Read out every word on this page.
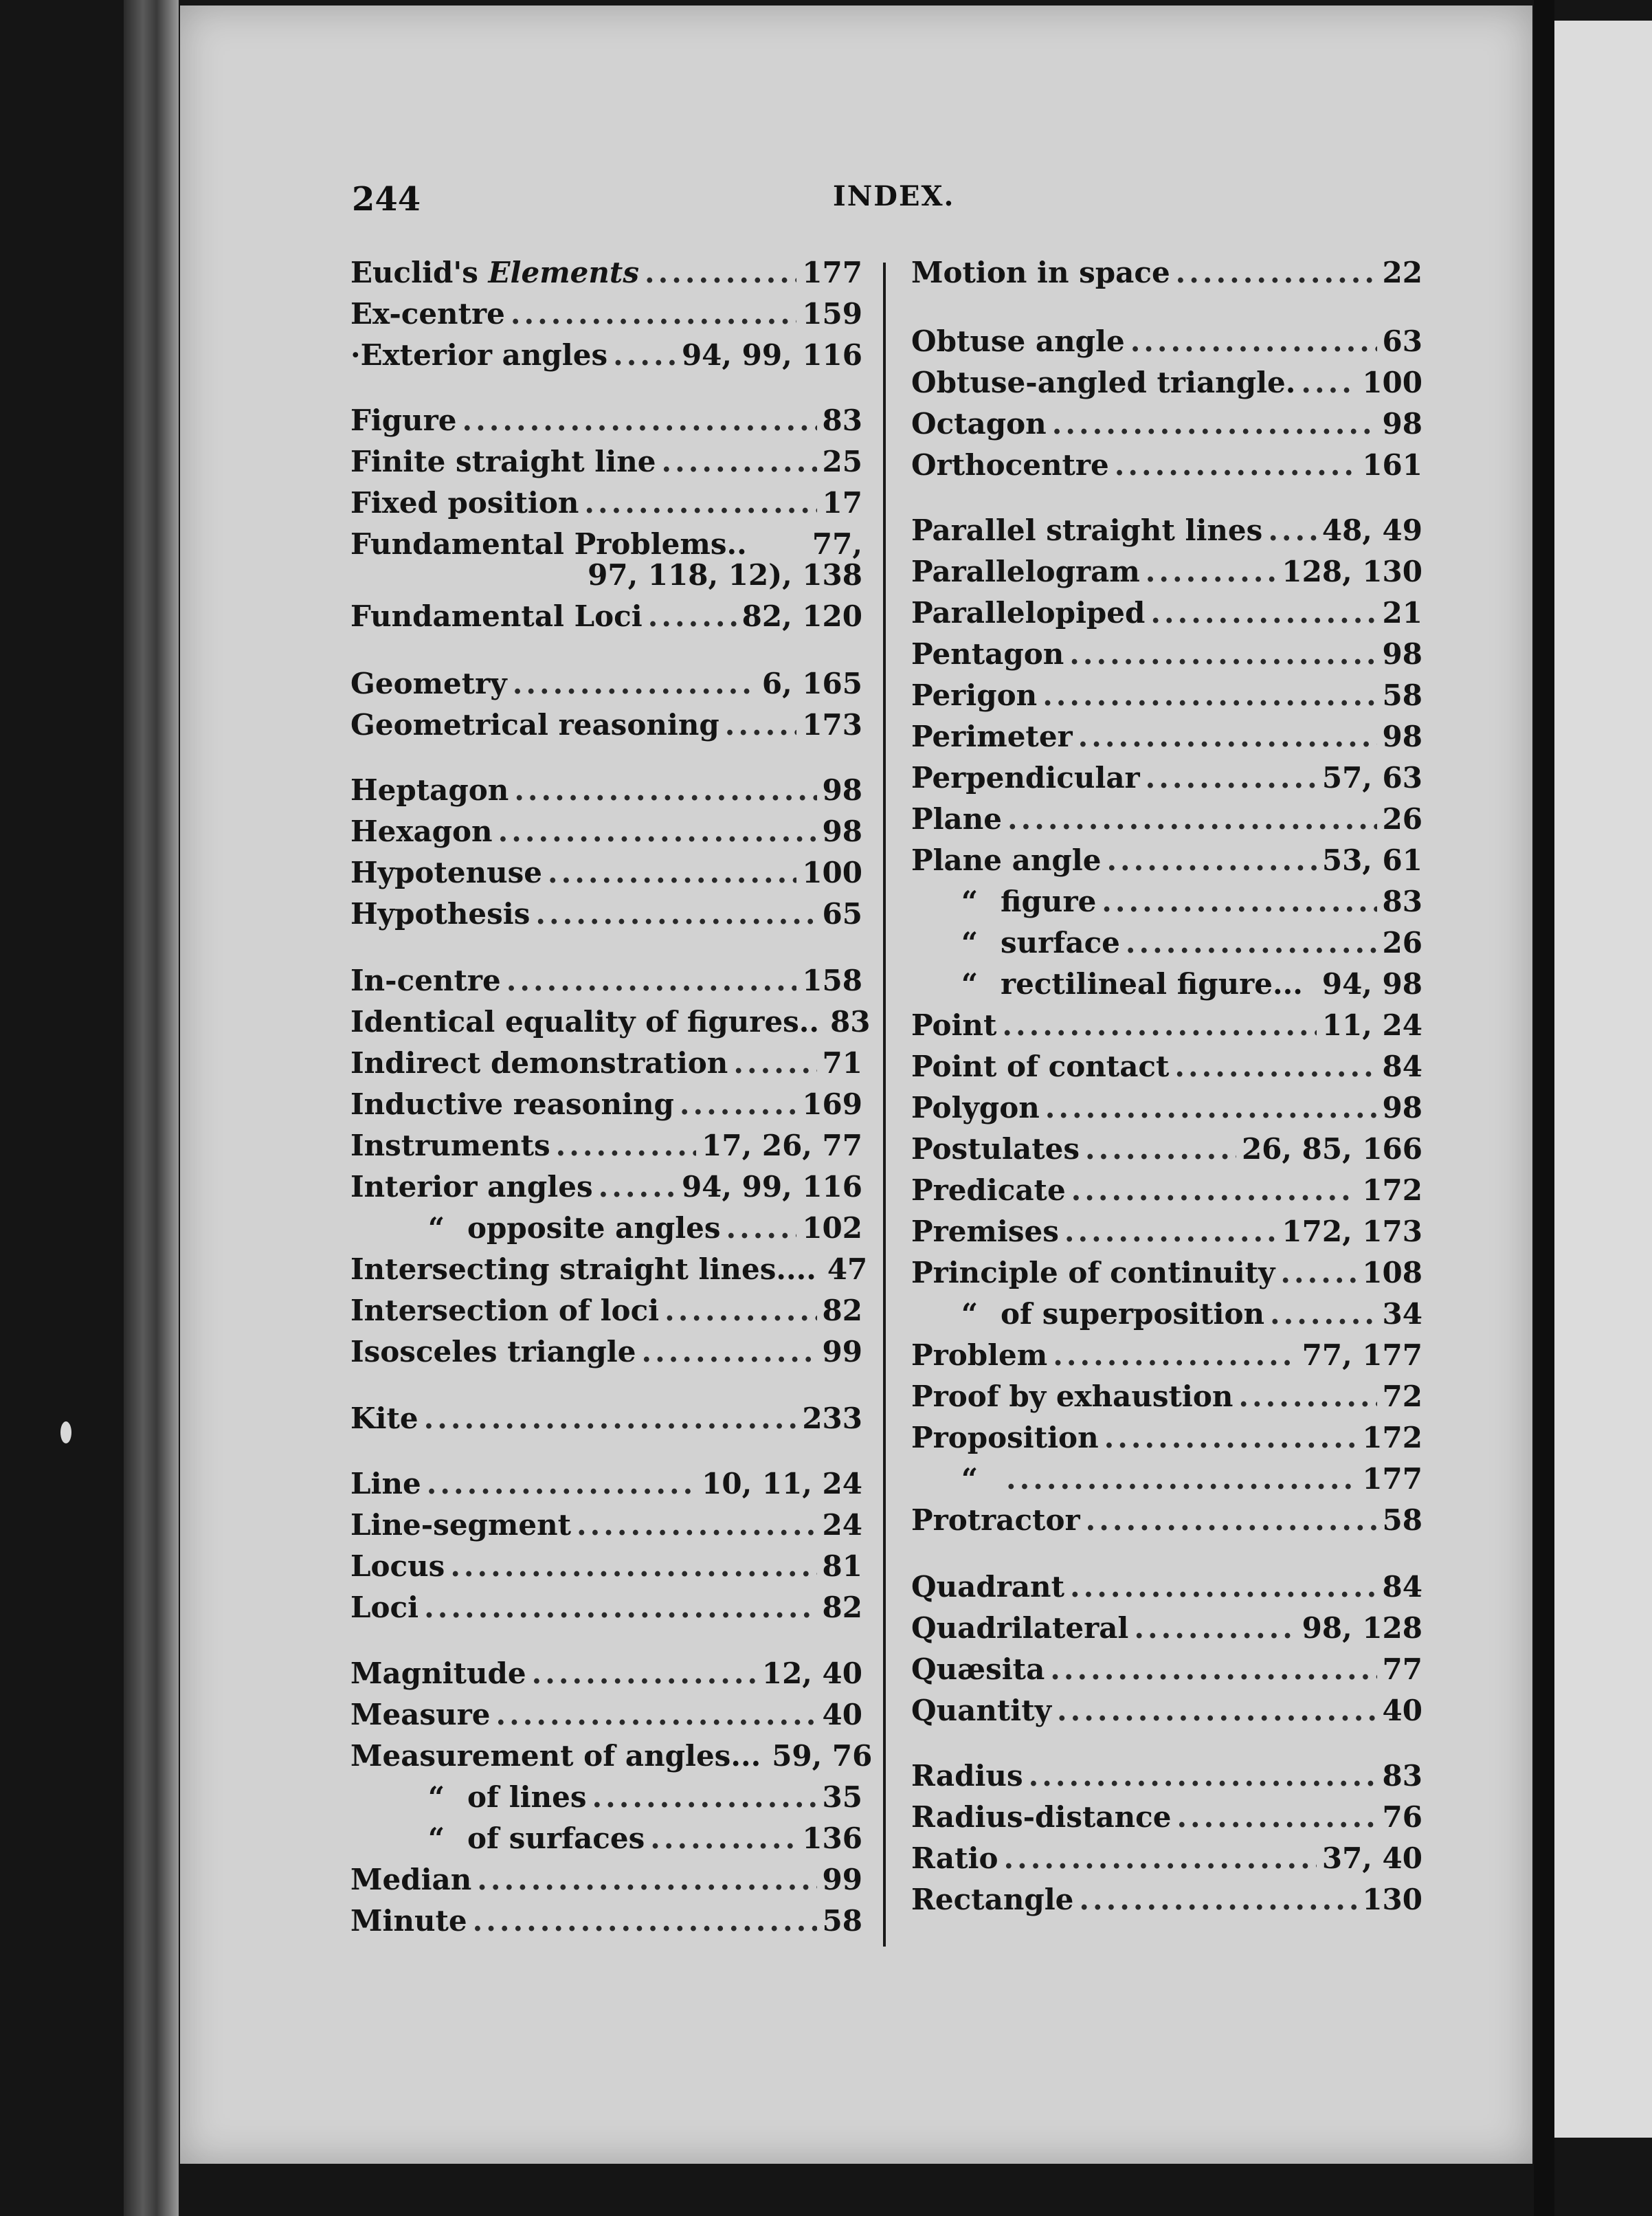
244	INDEX.
Euclid's Elements .....	177
Ex-centre .....	159
·Exterior angles .....	94, 99, 116
Figure .....	83
Finite straight line .....	25
Fixed position .....	17
Fundamental Problems.. 77,
97, 118, 12), 138
Fundamental Loci .....	82, 120
Geometry .....	6, 165
Geometrical reasoning .....	173
Heptagon .....	98
Hexagon .....	98
Hypotenuse .....	100
Hypothesis .....	65
In-centre .....	158
Identical equality of figures.. 83
Indirect demonstration .....	71
Inductive reasoning .....	169
Instruments .....	17, 26, 77
Interior angles .....	94, 99, 116
“ opposite angles .....	102
Intersecting straight lines.... 47
Intersection of loci .....	82
Isosceles triangle .....	99
Kite .....	233
Line .....	10, 11, 24
Line-segment .....	24
Locus .....	81
Loci .....	82
Magnitude .....	12, 40
Measure .....	40
Measurement of angles... 59, 76
“ of lines .....	35
“ of surfaces .....	136
Median .....	99
Minute .....	58
Motion in space .....	22
Obtuse angle .....	63
Obtuse-angled triangle. ..... 100
Octagon .....	98
Orthocentre .....	161
Parallel straight lines ..... 48, 49
Parallelogram .....	128, 130
Parallelopiped .....	21
Pentagon .....	98
Perigon .....	58
Perimeter .....	98
Perpendicular .....	57, 63
Plane .....	26
Plane angle .....	53, 61
“ figure .....	83
“ surface .....	26
“ rectilineal figure... 94, 98
Point .....	11, 24
Point of contact .....	84
Polygon .....	98
Postulates .....	26, 85, 166
Predicate .....	172
Premises .....	172, 173
Principle of continuity .....	108
“ of superposition .....	34
Problem .....	77, 177
Proof by exhaustion .....	72
Proposition .....	172
“ .....	177
Protractor .....	58
Quadrant .....	84
Quadrilateral .....	98, 128
Quæsita .....	77
Quantity .....	40
Radius .....	83
Radius-distance .....	76
Ratio .....	37, 40
Rectangle .....	130
